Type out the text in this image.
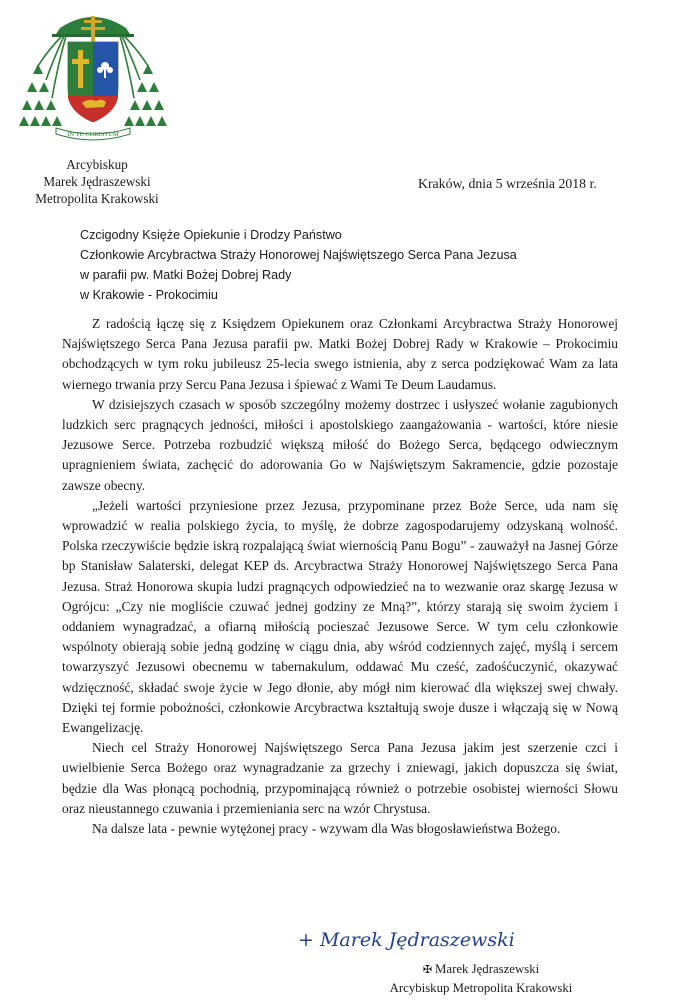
IN TE CHRISTUM
Arcybiskup
Marek Jędraszewski
Metropolita Krakowski
Kraków, dnia 5 września 2018 r.
Czcigodny Księże Opiekunie i Drodzy Państwo
Członkowie Arcybractwa Straży Honorowej Najświętszego Serca Pana Jezusa
w parafii pw. Matki Bożej Dobrej Rady
w Krakowie - Prokocimiu

Z radością łączę się z Księdzem Opiekunem oraz Członkami Arcybractwa Straży Honorowej Najświętszego Serca Pana Jezusa parafii pw. Matki Bożej Dobrej Rady w Krakowie – Prokocimiu obchodzących w tym roku jubileusz 25-lecia swego istnienia, aby z serca podziękować Wam za lata wiernego trwania przy Sercu Pana Jezusa i śpiewać z Wami Te Deum Laudamus.

W dzisiejszych czasach w sposób szczególny możemy dostrzec i usłyszeć wołanie zagubionych ludzkich serc pragnących jedności, miłości i apostolskiego zaangażowania - wartości, które niesie Jezusowe Serce. Potrzeba rozbudzić większą miłość do Bożego Serca, będącego odwiecznym upragnieniem świata, zachęcić do adorowania Go w Najświętszym Sakramencie, gdzie pozostaje zawsze obecny.

„Jeżeli wartości przyniesione przez Jezusa, przypominane przez Boże Serce, uda nam się wprowadzić w realia polskiego życia, to myślę, że dobrze zagospodarujemy odzyskaną wolność. Polska rzeczywiście będzie iskrą rozpalającą świat wiernością Panu Bogu” - zauważył na Jasnej Górze bp Stanisław Salaterski, delegat KEP ds. Arcybractwa Straży Honorowej Najświętszego Serca Pana Jezusa. Straż Honorowa skupia ludzi pragnących odpowiedzieć na to wezwanie oraz skargę Jezusa w Ogrójcu: „Czy nie mogliście czuwać jednej godziny ze Mną?”, którzy starają się swoim życiem i oddaniem wynagradzać, a ofiarną miłością pocieszać Jezusowe Serce. W tym celu członkowie wspólnoty obierają sobie jedną godzinę w ciągu dnia, aby wśród codziennych zajęć, myślą i sercem towarzyszyć Jezusowi obecnemu w tabernakulum, oddawać Mu cześć, zadośćuczynić, okazywać wdzięczność, składać swoje życie w Jego dłonie, aby mógł nim kierować dla większej swej chwały. Dzięki tej formie pobożności, członkowie Arcybractwa kształtują swoje dusze i włączają się w Nową Ewangelizację.

Niech cel Straży Honorowej Najświętszego Serca Pana Jezusa jakim jest szerzenie czci i uwielbienie Serca Bożego oraz wynagradzanie za grzechy i zniewagi, jakich dopuszcza się świat, będzie dla Was płonącą pochodnią, przypominającą również o potrzebie osobistej wierności Słowu oraz nieustannego czuwania i przemieniania serc na wzór Chrystusa.

Na dalsze lata - pewnie wytężonej pracy - wzywam dla Was błogosławieństwa Bożego.

+ Marek Jędraszewski
✠ Marek Jędraszewski
Arcybiskup Metropolita Krakowski
